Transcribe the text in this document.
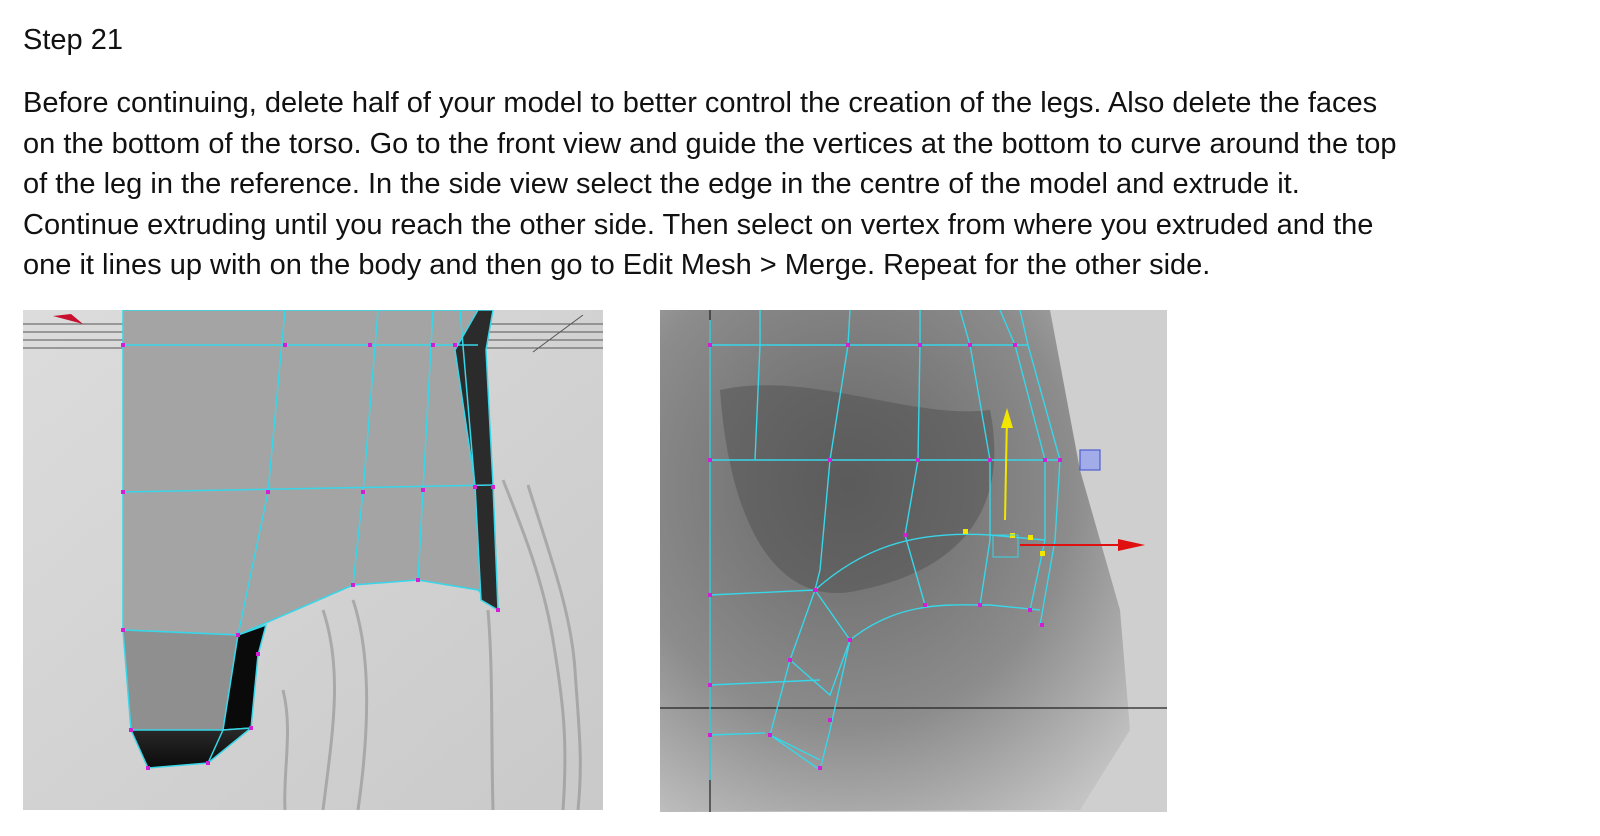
Step 21
Before continuing, delete half of your model to better control the creation of the legs. Also delete the faces
on the bottom of the torso. Go to the front view and guide the vertices at the bottom to curve around the top
of the leg in the reference. In the side view select the edge in the centre of the model and extrude it.
Continue extruding until you reach the other side. Then select on vertex from where you extruded and the
one it lines up with on the body and then go to Edit Mesh > Merge. Repeat for the other side.
